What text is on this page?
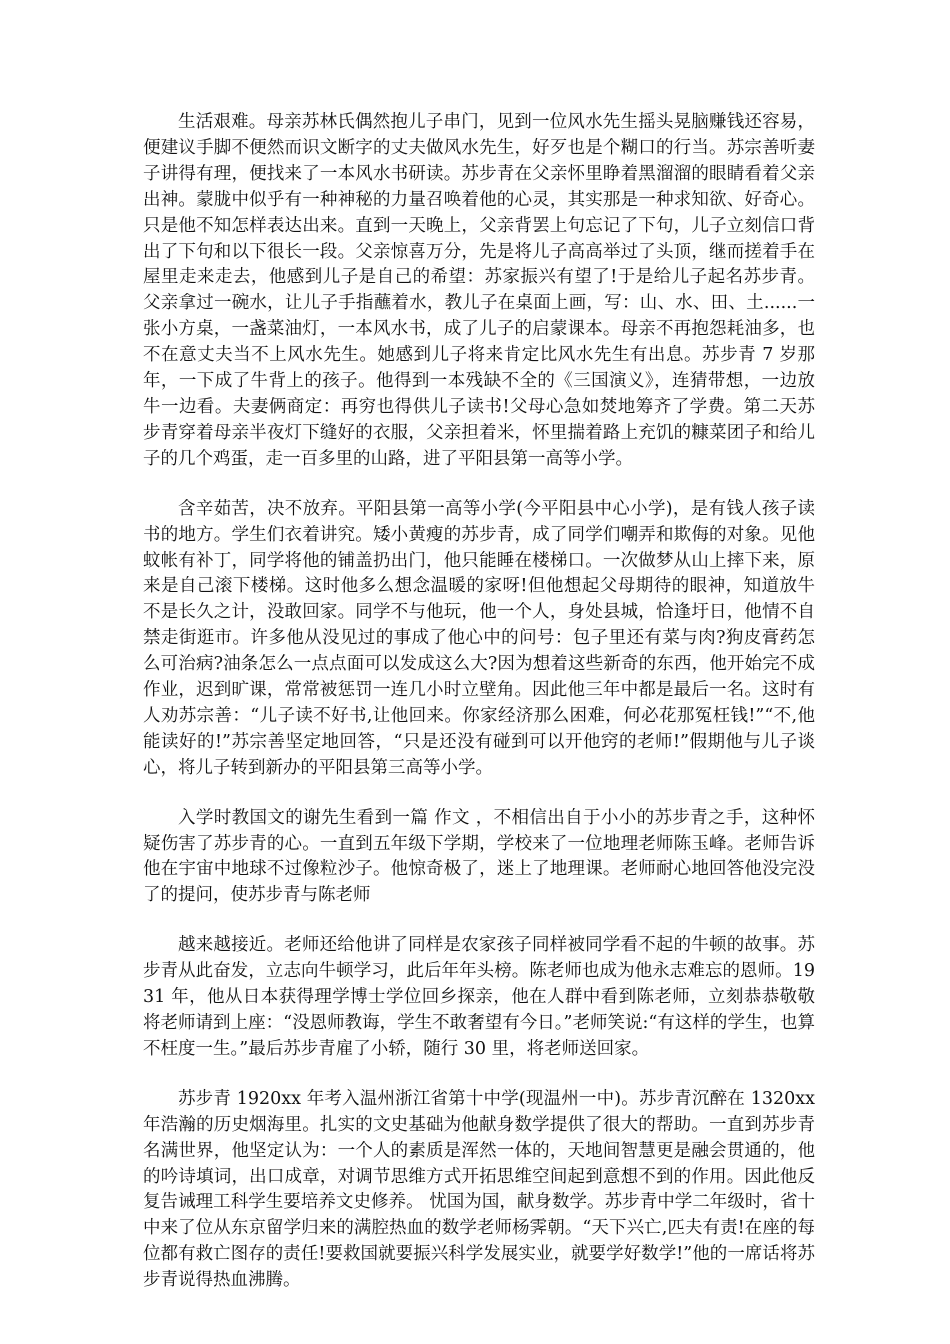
生活艰难。母亲苏林氏偶然抱儿子串门，见到一位风水先生摇头晃脑赚钱还容易，便建议手脚不便然而识文断字的丈夫做风水先生，好歹也是个糊口的行当。苏宗善听妻子讲得有理，便找来了一本风水书研读。苏步青在父亲怀里睁着黑溜溜的眼睛看着父亲出神。蒙胧中似乎有一种神秘的力量召唤着他的心灵，其实那是一种求知欲、好奇心。只是他不知怎样表达出来。直到一天晚上，父亲背罢上句忘记了下句，儿子立刻信口背出了下句和以下很长一段。父亲惊喜万分，先是将儿子高高举过了头顶，继而搓着手在屋里走来走去，他感到儿子是自己的希望：苏家振兴有望了!于是给儿子起名苏步青。父亲拿过一碗水，让儿子手指蘸着水，教儿子在桌面上画，写：山、水、田、土......一张小方桌，一盏菜油灯，一本风水书，成了儿子的启蒙课本。母亲不再抱怨耗油多，也不在意丈夫当不上风水先生。她感到儿子将来肯定比风水先生有出息。苏步青 7 岁那年，一下成了牛背上的孩子。他得到一本残缺不全的《三国演义》，连猜带想，一边放牛一边看。夫妻俩商定：再穷也得供儿子读书!父母心急如焚地筹齐了学费。第二天苏步青穿着母亲半夜灯下缝好的衣服，父亲担着米，怀里揣着路上充饥的糠菜团子和给儿子的几个鸡蛋，走一百多里的山路，进了平阳县第一高等小学。

含辛茹苦，决不放弃。平阳县第一高等小学(今平阳县中心小学)，是有钱人孩子读书的地方。学生们衣着讲究。矮小黄瘦的苏步青，成了同学们嘲弄和欺侮的对象。见他蚊帐有补丁，同学将他的铺盖扔出门，他只能睡在楼梯口。一次做梦从山上摔下来，原来是自己滚下楼梯。这时他多么想念温暖的家呀!但他想起父母期待的眼神，知道放牛不是长久之计，没敢回家。同学不与他玩，他一个人，身处县城，恰逢圩日，他情不自禁走街逛市。许多他从没见过的事成了他心中的问号：包子里还有菜与肉?狗皮膏药怎么可治病?油条怎么一点点面可以发成这么大?因为想着这些新奇的东西，他开始完不成作业，迟到旷课，常常被惩罚一连几小时立壁角。因此他三年中都是最后一名。这时有人劝苏宗善：“儿子读不好书,让他回来。你家经济那么困难，何必花那冤枉钱!”“不,他能读好的!”苏宗善坚定地回答，“只是还没有碰到可以开他窍的老师!”假期他与儿子谈心，将儿子转到新办的平阳县第三高等小学。

入学时教国文的谢先生看到一篇 作文 ，不相信出自于小小的苏步青之手，这种怀疑伤害了苏步青的心。一直到五年级下学期，学校来了一位地理老师陈玉峰。老师告诉他在宇宙中地球不过像粒沙子。他惊奇极了，迷上了地理课。老师耐心地回答他没完没了的提问，使苏步青与陈老师

越来越接近。老师还给他讲了同样是农家孩子同样被同学看不起的牛顿的故事。苏步青从此奋发，立志向牛顿学习，此后年年头榜。陈老师也成为他永志难忘的恩师。1931 年，他从日本获得理学博士学位回乡探亲，他在人群中看到陈老师，立刻恭恭敬敬将老师请到上座：“没恩师教诲，学生不敢奢望有今日。”老师笑说:“有这样的学生，也算不枉度一生。”最后苏步青雇了小轿，随行 30 里，将老师送回家。

苏步青 1920xx 年考入温州浙江省第十中学(现温州一中)。苏步青沉醉在 1320xx 年浩瀚的历史烟海里。扎实的文史基础为他献身数学提供了很大的帮助。一直到苏步青名满世界，他坚定认为：一个人的素质是浑然一体的，天地间智慧更是融会贯通的，他的吟诗填词，出口成章，对调节思维方式开拓思维空间起到意想不到的作用。因此他反复告诫理工科学生要培养文史修养。 忧国为国，献身数学。苏步青中学二年级时，省十中来了位从东京留学归来的满腔热血的数学老师杨霁朝。“天下兴亡,匹夫有责!在座的每位都有救亡图存的责任!要救国就要振兴科学发展实业，就要学好数学!”他的一席话将苏步青说得热血沸腾。
